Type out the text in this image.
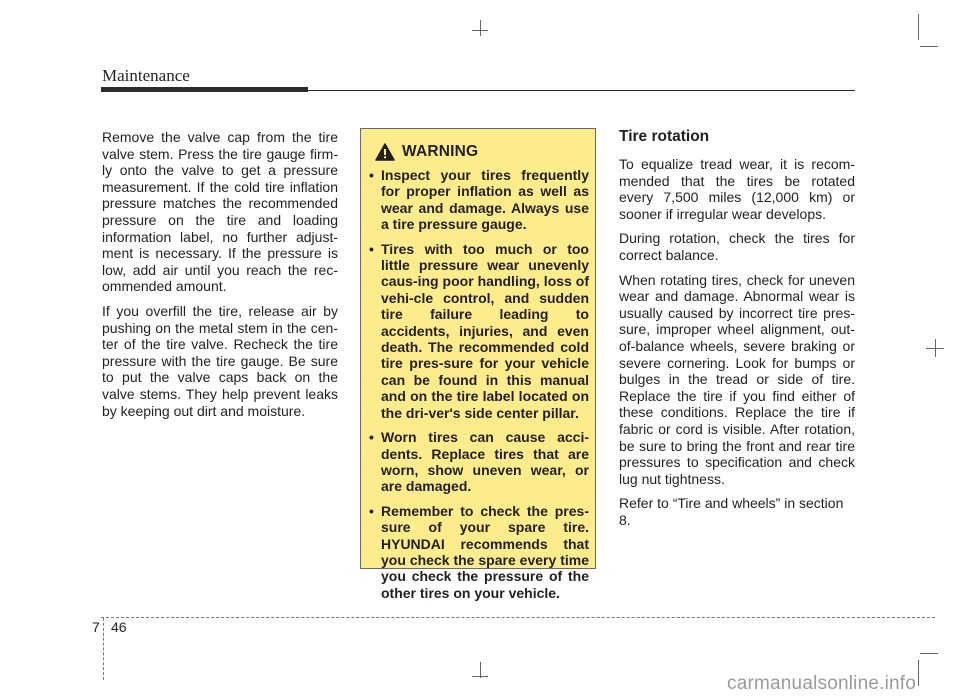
Maintenance

Remove the valve cap from the tire valve stem. Press the tire gauge firm-ly onto the valve to get a pressure measurement. If the cold tire inflation pressure matches the recommended pressure on the tire and loading information label, no further adjust-ment is necessary. If the pressure is low, add air until you reach the rec-ommended amount.

If you overfill the tire, release air by pushing on the metal stem in the cen-ter of the tire valve. Recheck the tire pressure with the tire gauge. Be sure to put the valve caps back on the valve stems. They help prevent leaks by keeping out dirt and moisture.

WARNING
• Inspect your tires frequently for proper inflation as well as wear and damage. Always use a tire pressure gauge.
• Tires with too much or too little pressure wear unevenly caus-ing poor handling, loss of vehi-cle control, and sudden tire failure leading to accidents, injuries, and even death. The recommended cold tire pres-sure for your vehicle can be found in this manual and on the tire label located on the dri-ver's side center pillar.
• Worn tires can cause acci-dents. Replace tires that are worn, show uneven wear, or are damaged.
• Remember to check the pres-sure of your spare tire. HYUNDAI recommends that you check the spare every time you check the pressure of the other tires on your vehicle.
Tire rotation

To equalize tread wear, it is recom-mended that the tires be rotated every 7,500 miles (12,000 km) or sooner if irregular wear develops.

During rotation, check the tires for correct balance.

When rotating tires, check for uneven wear and damage. Abnormal wear is usually caused by incorrect tire pres-sure, improper wheel alignment, out-of-balance wheels, severe braking or severe cornering. Look for bumps or bulges in the tread or side of tire. Replace the tire if you find either of these conditions. Replace the tire if fabric or cord is visible. After rotation, be sure to bring the front and rear tire pressures to specification and check lug nut tightness.

Refer to “Tire and wheels” in section 8.

7 46
carmanualsonline.info
